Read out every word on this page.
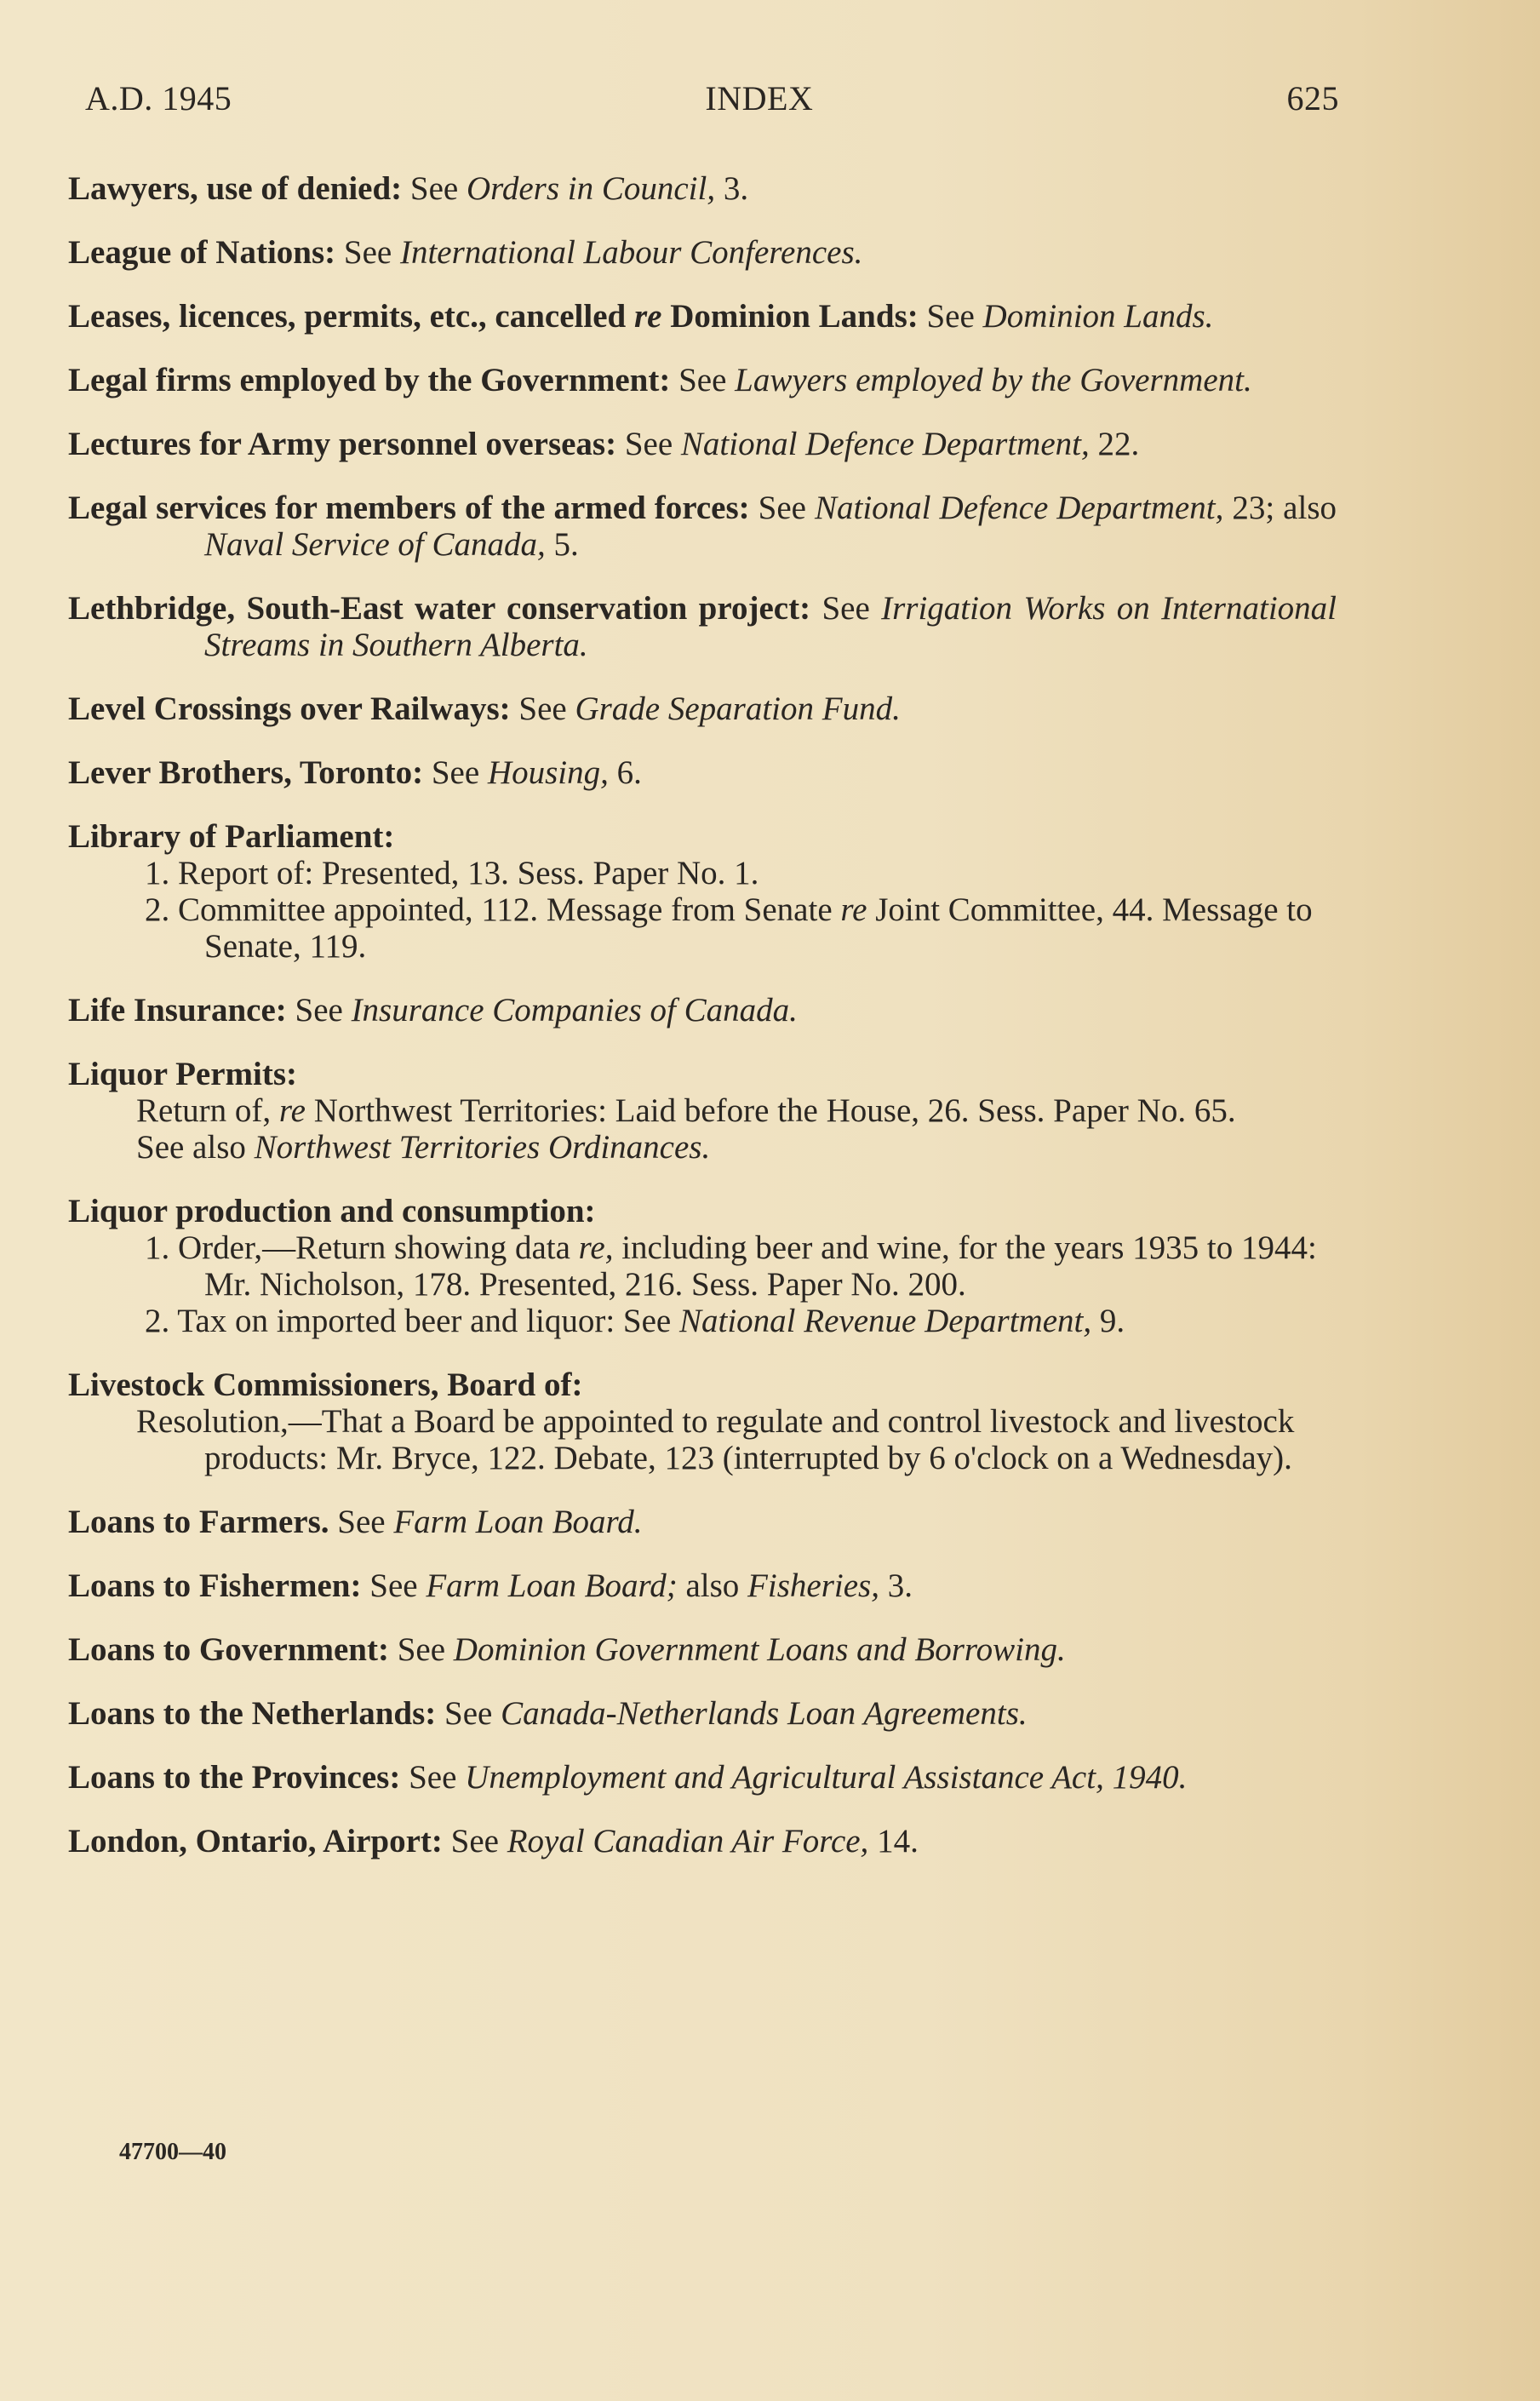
A.D. 1945	INDEX	625
Lawyers, use of denied: See Orders in Council, 3.
League of Nations: See International Labour Conferences.
Leases, licences, permits, etc., cancelled re Dominion Lands: See Dominion Lands.
Legal firms employed by the Government: See Lawyers employed by the Government.
Lectures for Army personnel overseas: See National Defence Department, 22.
Legal services for members of the armed forces: See National Defence Department, 23; also Naval Service of Canada, 5.
Lethbridge, South-East water conservation project: See Irrigation Works on International Streams in Southern Alberta.
Level Crossings over Railways: See Grade Separation Fund.
Lever Brothers, Toronto: See Housing, 6.
Library of Parliament:
1. Report of: Presented, 13. Sess. Paper No. 1.
2. Committee appointed, 112. Message from Senate re Joint Committee, 44. Message to Senate, 119.
Life Insurance: See Insurance Companies of Canada.
Liquor Permits:
Return of, re Northwest Territories: Laid before the House, 26. Sess. Paper No. 65.
See also Northwest Territories Ordinances.
Liquor production and consumption:
1. Order,—Return showing data re, including beer and wine, for the years 1935 to 1944: Mr. Nicholson, 178. Presented, 216. Sess. Paper No. 200.
2. Tax on imported beer and liquor: See National Revenue Department, 9.
Livestock Commissioners, Board of:
Resolution,—That a Board be appointed to regulate and control livestock and livestock products: Mr. Bryce, 122. Debate, 123 (interrupted by 6 o'clock on a Wednesday).
Loans to Farmers. See Farm Loan Board.
Loans to Fishermen: See Farm Loan Board; also Fisheries, 3.
Loans to Government: See Dominion Government Loans and Borrowing.
Loans to the Netherlands: See Canada-Netherlands Loan Agreements.
Loans to the Provinces: See Unemployment and Agricultural Assistance Act, 1940.
London, Ontario, Airport: See Royal Canadian Air Force, 14.
47700—40
